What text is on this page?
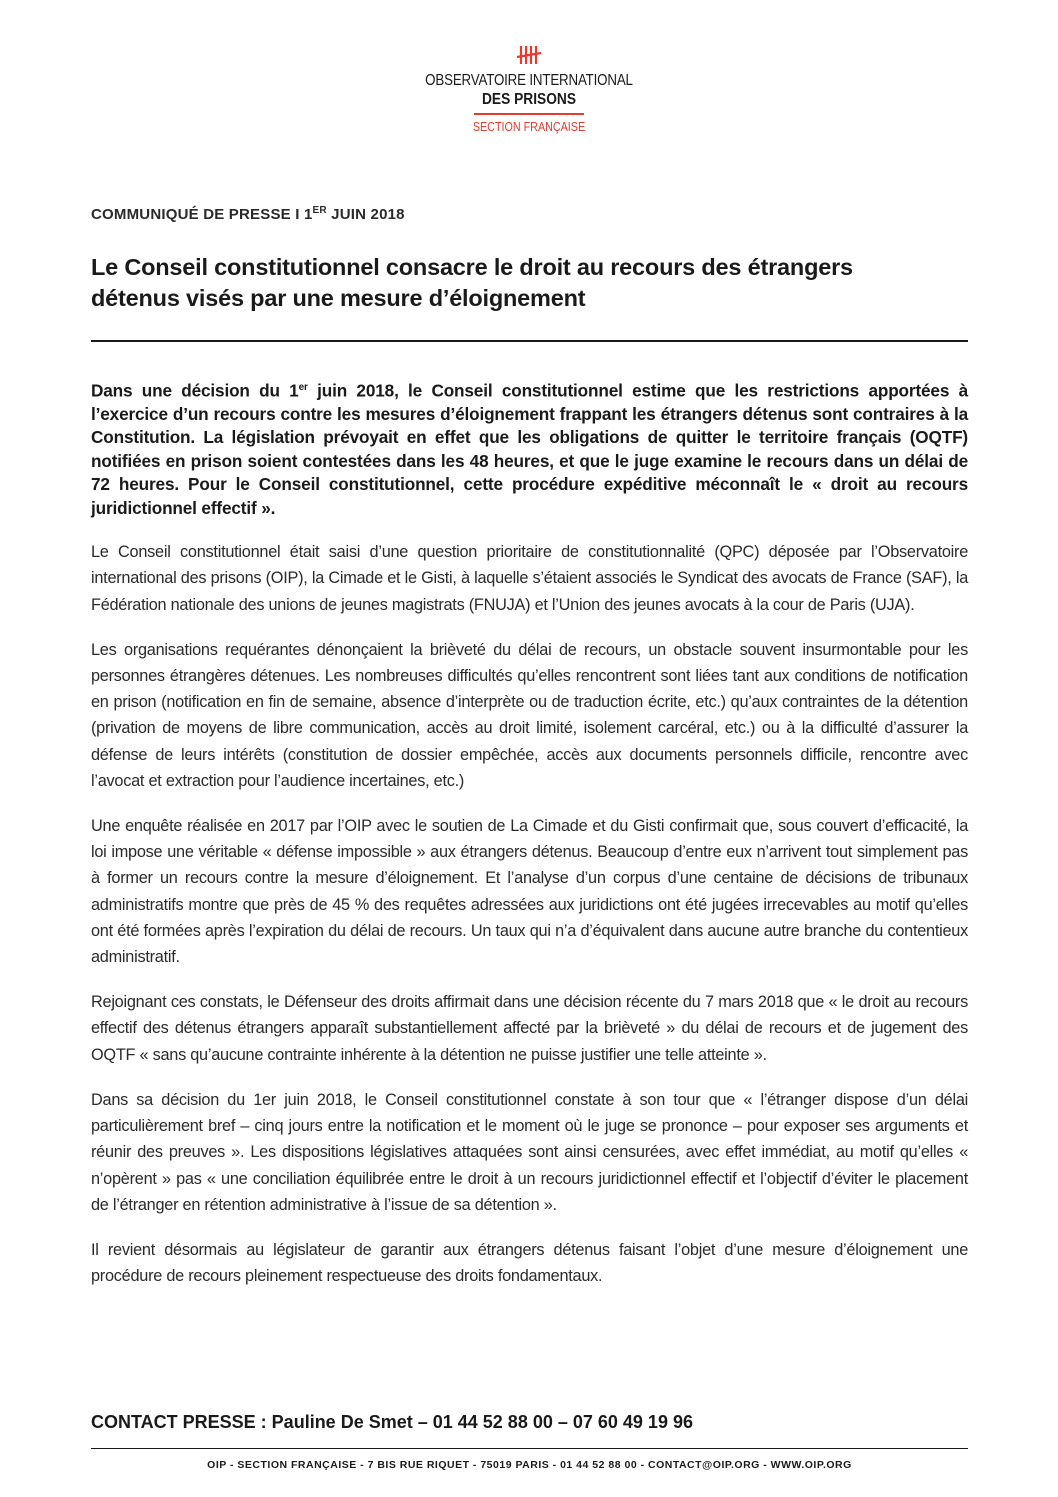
OBSERVATOIRE INTERNATIONAL
DES PRISONS
SECTION FRANÇAISE

COMMUNIQUÉ DE PRESSE I 1ER JUIN 2018

Le Conseil constitutionnel consacre le droit au recours des étrangers
détenus visés par une mesure d’éloignement

Dans une décision du 1er juin 2018, le Conseil constitutionnel estime que les restrictions apportées à l’exercice d’un recours contre les mesures d’éloignement frappant les étrangers détenus sont contraires à la Constitution. La législation prévoyait en effet que les obligations de quitter le territoire français (OQTF) notifiées en prison soient contestées dans les 48 heures, et que le juge examine le recours dans un délai de 72 heures. Pour le Conseil constitutionnel, cette procédure expéditive méconnaît le « droit au recours juridictionnel effectif ».

Le Conseil constitutionnel était saisi d’une question prioritaire de constitutionnalité (QPC) déposée par l’Observatoire international des prisons (OIP), la Cimade et le Gisti, à laquelle s’étaient associés le Syndicat des avocats de France (SAF), la Fédération nationale des unions de jeunes magistrats (FNUJA) et l’Union des jeunes avocats à la cour de Paris (UJA).

Les organisations requérantes dénonçaient la brièveté du délai de recours, un obstacle souvent insurmontable pour les personnes étrangères détenues. Les nombreuses difficultés qu’elles rencontrent sont liées tant aux conditions de notification en prison (notification en fin de semaine, absence d’interprète ou de traduction écrite, etc.) qu’aux contraintes de la détention (privation de moyens de libre communication, accès au droit limité, isolement carcéral, etc.) ou à la difficulté d’assurer la défense de leurs intérêts (constitution de dossier empêchée, accès aux documents personnels difficile, rencontre avec l’avocat et extraction pour l’audience incertaines, etc.)

Une enquête réalisée en 2017 par l’OIP avec le soutien de La Cimade et du Gisti confirmait que, sous couvert d’efficacité, la loi impose une véritable « défense impossible » aux étrangers détenus. Beaucoup d’entre eux n’arrivent tout simplement pas à former un recours contre la mesure d’éloignement. Et l’analyse d’un corpus d’une centaine de décisions de tribunaux administratifs montre que près de 45 % des requêtes adressées aux juridictions ont été jugées irrecevables au motif qu’elles ont été formées après l’expiration du délai de recours. Un taux qui n’a d’équivalent dans aucune autre branche du contentieux administratif.

Rejoignant ces constats, le Défenseur des droits affirmait dans une décision récente du 7 mars 2018 que « le droit au recours effectif des détenus étrangers apparaît substantiellement affecté par la brièveté » du délai de recours et de jugement des OQTF « sans qu’aucune contrainte inhérente à la détention ne puisse justifier une telle atteinte ».

Dans sa décision du 1er juin 2018, le Conseil constitutionnel constate à son tour que « l’étranger dispose d’un délai particulièrement bref – cinq jours entre la notification et le moment où le juge se prononce – pour exposer ses arguments et réunir des preuves ». Les dispositions législatives attaquées sont ainsi censurées, avec effet immédiat, au motif qu’elles « n’opèrent » pas « une conciliation équilibrée entre le droit à un recours juridictionnel effectif et l’objectif d’éviter le placement de l’étranger en rétention administrative à l’issue de sa détention ».

Il revient désormais au législateur de garantir aux étrangers détenus faisant l’objet d’une mesure d’éloignement une procédure de recours pleinement respectueuse des droits fondamentaux.

CONTACT PRESSE : Pauline De Smet – 01 44 52 88 00 – 07 60 49 19 96
OIP - SECTION FRANÇAISE - 7 BIS RUE RIQUET - 75019 PARIS - 01 44 52 88 00 - CONTACT@OIP.ORG - WWW.OIP.ORG
